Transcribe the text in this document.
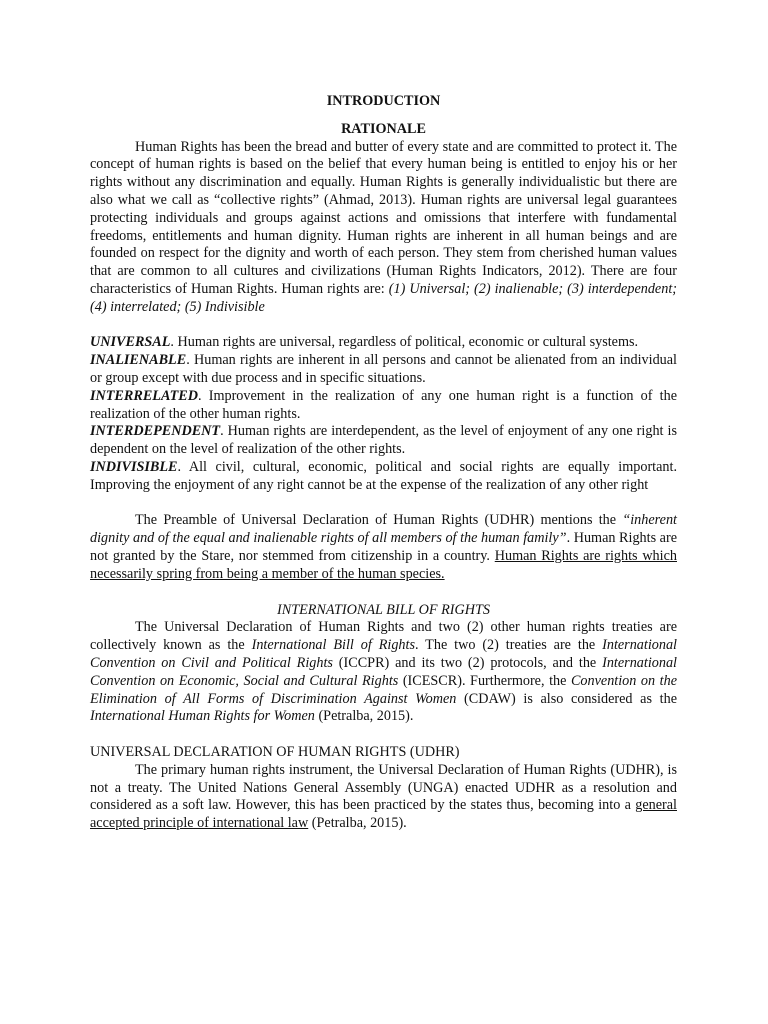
INTRODUCTION
RATIONALE

Human Rights has been the bread and butter of every state and are committed to protect it. The concept of human rights is based on the belief that every human being is entitled to enjoy his or her rights without any discrimination and equally. Human Rights is generally individualistic but there are also what we call as “collective rights” (Ahmad, 2013). Human rights are universal legal guarantees protecting individuals and groups against actions and omissions that interfere with fundamental freedoms, entitlements and human dignity. Human rights are inherent in all human beings and are founded on respect for the dignity and worth of each person. They stem from cherished human values that are common to all cultures and civilizations (Human Rights Indicators, 2012). There are four characteristics of Human Rights. Human rights are: (1) Universal; (2) inalienable; (3) interdependent; (4) interrelated; (5) Indivisible

UNIVERSAL. Human rights are universal, regardless of political, economic or cultural systems.

INALIENABLE. Human rights are inherent in all persons and cannot be alienated from an individual or group except with due process and in specific situations.

INTERRELATED. Improvement in the realization of any one human right is a function of the realization of the other human rights.

INTERDEPENDENT. Human rights are interdependent, as the level of enjoyment of any one right is dependent on the level of realization of the other rights.

INDIVISIBLE. All civil, cultural, economic, political and social rights are equally important. Improving the enjoyment of any right cannot be at the expense of the realization of any other right

The Preamble of Universal Declaration of Human Rights (UDHR) mentions the “inherent dignity and of the equal and inalienable rights of all members of the human family”. Human Rights are not granted by the Stare, nor stemmed from citizenship in a country. Human Rights are rights which necessarily spring from being a member of the human species.

INTERNATIONAL BILL OF RIGHTS

The Universal Declaration of Human Rights and two (2) other human rights treaties are collectively known as the International Bill of Rights. The two (2) treaties are the International Convention on Civil and Political Rights (ICCPR) and its two (2) protocols, and the International Convention on Economic, Social and Cultural Rights (ICESCR). Furthermore, the Convention on the Elimination of All Forms of Discrimination Against Women (CDAW) is also considered as the International Human Rights for Women (Petralba, 2015).

UNIVERSAL DECLARATION OF HUMAN RIGHTS (UDHR)

The primary human rights instrument, the Universal Declaration of Human Rights (UDHR), is not a treaty. The United Nations General Assembly (UNGA) enacted UDHR as a resolution and considered as a soft law. However, this has been practiced by the states thus, becoming into a general accepted principle of international law (Petralba, 2015).
